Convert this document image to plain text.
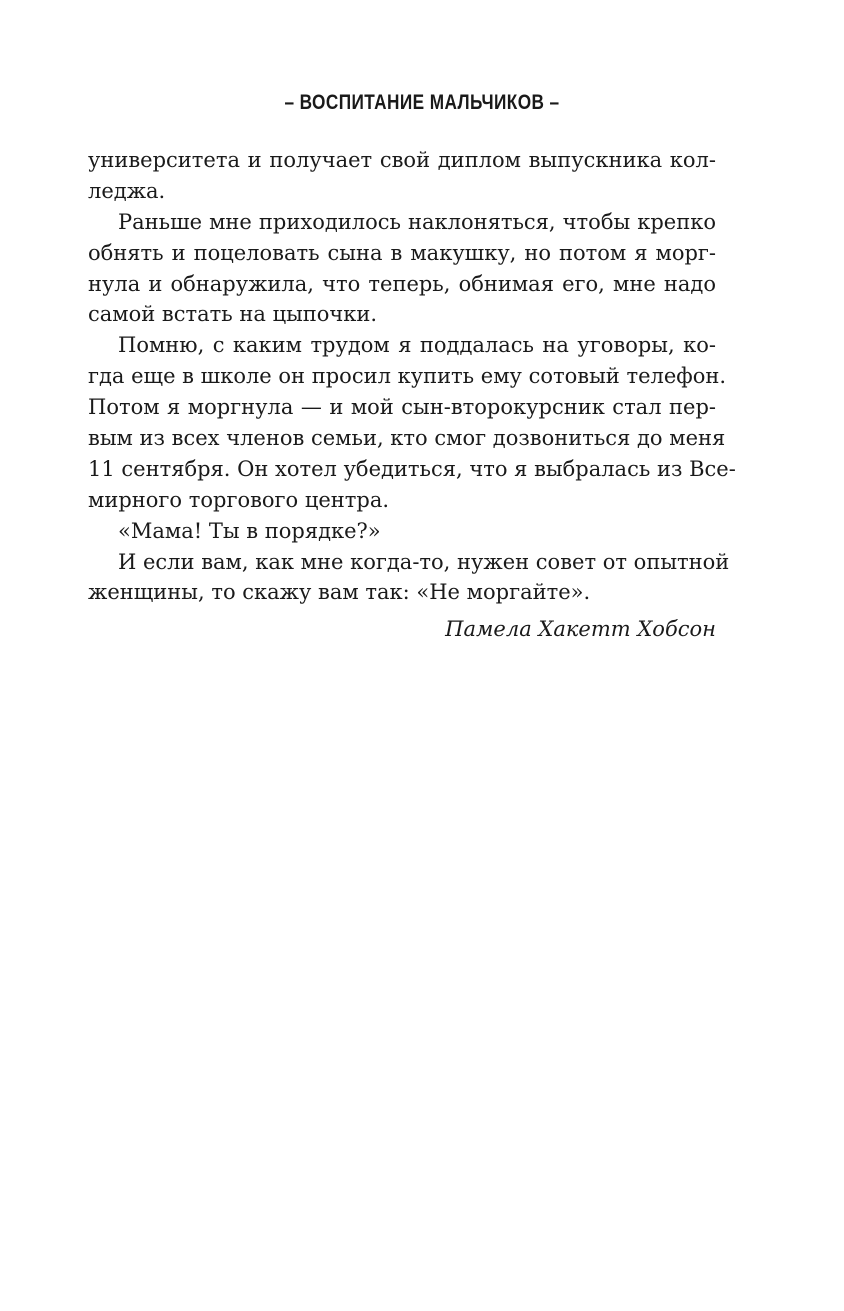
– ВОСПИТАНИЕ МАЛЬЧИКОВ –
университета и получает свой диплом выпускника кол-
леджа.
Раньше мне приходилось наклоняться, чтобы крепко
обнять и поцеловать сына в макушку, но потом я морг-
нула и обнаружила, что теперь, обнимая его, мне надо
самой встать на цыпочки.
Помню, с каким трудом я поддалась на уговоры, ко-
гда еще в школе он просил купить ему сотовый телефон.
Потом я моргнула — и мой сын-второкурсник стал пер-
вым из всех членов семьи, кто смог дозвониться до меня
11 сентября. Он хотел убедиться, что я выбралась из Все-
мирного торгового центра.
«Мама! Ты в порядке?»
И если вам, как мне когда-то, нужен совет от опытной
женщины, то скажу вам так: «Не моргайте».
Памела Хакетт Хобсон
